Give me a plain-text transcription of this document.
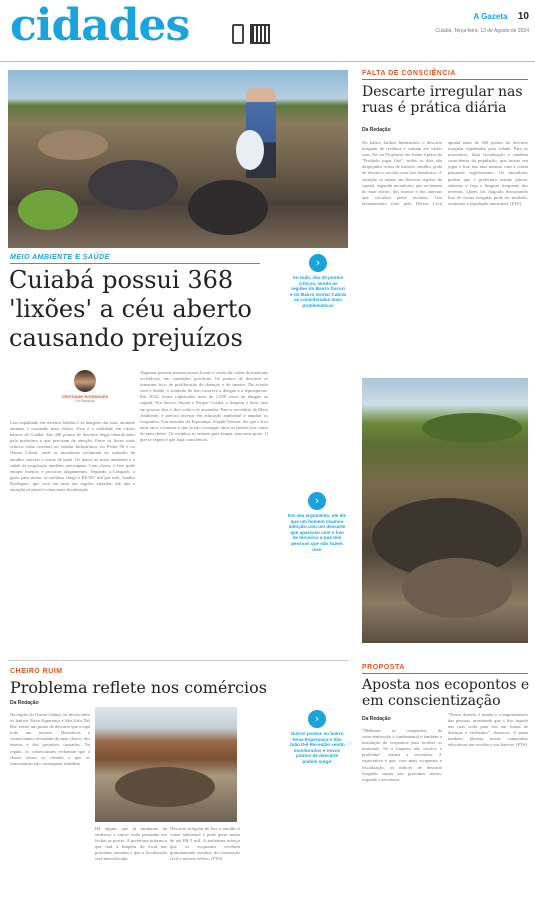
cidades	A Gazeta 10
Cuiabá, Terça-feira, 13 de Agosto de 2024
FALTA DE CONSCIÊNCIA
Descarte irregular nas ruas é prática diária
Da Redação

No bairro Jardim Industriário o descarte irregular de resíduos é comum em várias ruas. Na via Projetada, em frente à placa de "Proibido jogar lixo", todos os dias são despejados restos de móveis, entulho, poda de árvores e sacolas com lixo doméstico. A situação se repete em diversas regiões da capital, segundo moradores, que reclamam do mau cheiro, dos insetos e dos animais que circulam pelos terrenos. Um levantamento feito pela Defesa Civil aponta mais de 300 pontos de descarte irregular espalhados pela cidade. Para os moradores, falta fiscalização e também consciência da população, que insiste em jogar o lixo nas ruas mesmo com a coleta passando regularmente. Os moradores pedem que a prefeitura instale placas, câmeras e faça a limpeza frequente dos terrenos. Quem for flagrado descartando lixo de forma irregular pode ser multado, conforme a legislação municipal. (FTS)

MEIO AMBIENTE E SAÚDE
Cuiabá possui 368 'lixões' a céu aberto causando prejuízos
›
Ao todo, são 30 pontos críticos, sendo as regiões do Bairro Sucuri e do Bairro Osmar Cabral as consideradas mais problemáticas
CRISTIANE RODRIGUES
Da Redação

Lixo espalhado em terrenos baldios e às margens das ruas, atraindo animais e causando mau cheiro. Essa é a realidade em vários bairros de Cuiabá. São 368 pontos de descarte ilegal identificados pela prefeitura e que precisam de atenção. Entre os locais mais críticos estão terrenos no Jardim Industriário, no Pedra 90 e no Osmar Cabral, onde os moradores reclamam do acúmulo de entulho, móveis e restos de poda. Os danos ao meio ambiente e à saúde da população também preocupam. Com chuva, o lixo pode entupir bueiros e provocar alagamentos. Segundo a Limpurb, o gasto para retirar os resíduos chega a R$ 907 mil por mês. Sandra Rodrigues, que vive em uma das regiões afetadas, diz que a situação só piora e cobra mais fiscalização.

Algumas pessoas moram nesses locais e vivem da coleta de materiais recicláveis, em condições precárias. Os pontos de descarte se tornaram foco de proliferação de doenças e de insetos. De acordo com a Saúde, o acúmulo de lixo favorece a dengue e a leptospirose. Em 2024, foram registrados mais de 1.200 casos de dengue na capital. Nos bairros Sucuri e Parque Cuiabá, a limpeza é feita, mas em poucos dias o lixo volta a se acumular. Para o secretário de Meio Ambiente, é preciso investir em educação ambiental e ampliar os ecopontos. Um morador da Esperança, Joseph Taveira, diz que o lixo atrai ratos e baratas e que já não consegue abrir as janelas por causa do mau cheiro. Os vizinhos se reúnem para limpar, mas sem apoio. O que se espera é que haja consciência.

›
Em seu argumento, ele diz que um homem chamou atenção com um descarte que apareceu com o lixo de terceiros e que tem pessoas que não fazem isso
CHEIRO RUIM
Problema reflete nos comércios
Da Redação

Na região do Osmar Cabral, na divisa entre os bairros Nova Esperança e São João Del Rei, existe um ponto de descarte que ocupa todo um terreno. Moradores e comerciantes reclamam do mau cheiro, dos insetos e dos prejuízos causados. Na região, os comerciantes reclamam que o cheiro afasta os clientes e que os funcionários não conseguem trabalhar.

Há alguns que já mudaram de endereço e outros estão pensando em fechar as portas. A prefeitura informou que fará a limpeza do local nas próximas semanas e que a fiscalização será intensificada.

Descarte irregular de lixo e entulho é crime ambiental e pode gerar multa de até R$ 5 mil. A prefeitura reforça que os ecopontos recebem gratuitamente resíduos da construção civil e móveis velhos. (FTS)

›
Outros pontos no bairro Nova Esperança e São João Del Rei estão sendo monitorados e novos pontos de descarte podem surgir
PROPOSTA
Aposta nos ecopontos e em conscientização
Da Redação

"Melhorar as campanhas de conscientização é fundamental e também a instalação de ecopontos para receber os materiais. Só a limpeza não resolve o problema", afirma a secretária. A expectativa é que, com mais ecopontos e fiscalização, os índices de descarte irregular caiam nos próximos meses, segundo a secretaria.

"Nosso desafio é mudar o comportamento das pessoas, mostrando que o lixo jogado nas ruas volta para nós em forma de doenças e enchentes", destacou. A pasta também planeja novas campanhas educativas nas escolas e nos bairros. (FTS)
